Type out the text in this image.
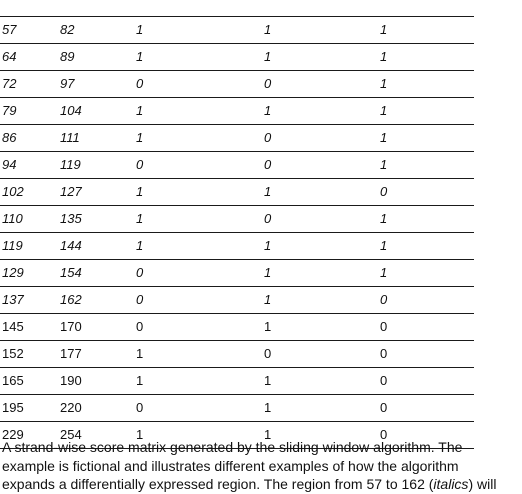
57	82	1	1	1
64	89	1	1	1
72	97	0	0	1
79	104	1	1	1
86	111	1	0	1
94	119	0	0	1
102	127	1	1	0
110	135	1	0	1
119	144	1	1	1
129	154	0	1	1
137	162	0	1	0
145	170	0	1	0
152	177	1	0	0
165	190	1	1	0
195	220	0	1	0
229	254	1	1	0

A strand-wise score matrix generated by the sliding window algorithm. The

example is fictional and illustrates different examples of how the algorithm

expands a differentially expressed region. The region from 57 to 162 (italics) will
